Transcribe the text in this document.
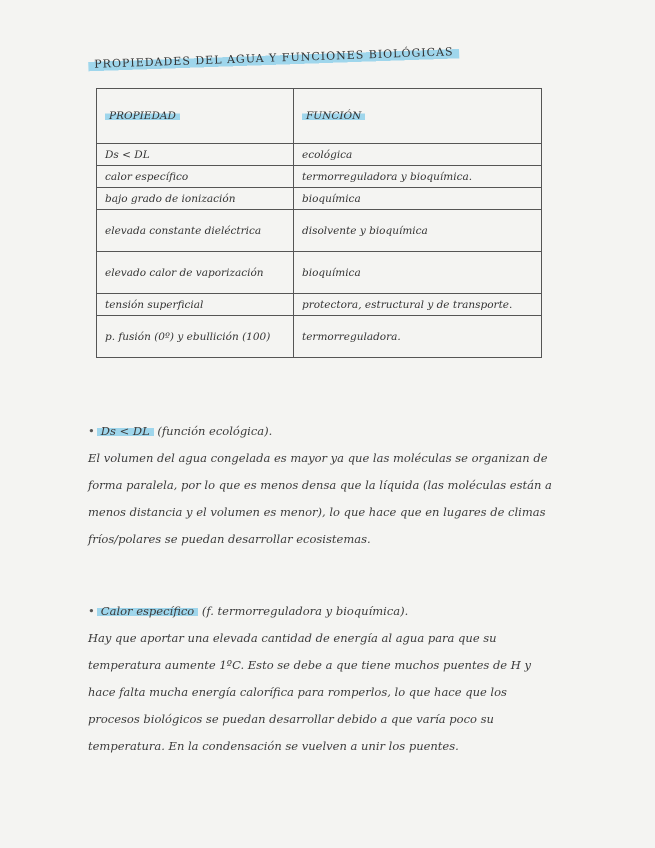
PROPIEDADES DEL AGUA Y FUNCIONES BIOLÓGICAS
PROPIEDAD	FUNCIÓN
Ds < DL	ecológica
calor específico	termorreguladora y bioquímica.
bajo grado de ionización	bioquímica
elevada constante dieléctrica	disolvente y bioquímica
elevado calor de vaporización	bioquímica
tensión superficial	protectora, estructural y de transporte.
p. fusión (0º) y ebullición (100)	termorreguladora.
• Ds < DL (función ecológica).
El volumen del agua congelada es mayor ya que las moléculas se organizan de forma paralela, por lo que es menos densa que la líquida (las moléculas están a menos distancia y el volumen es menor), lo que hace que en lugares de climas fríos/polares se puedan desarrollar ecosistemas.
• Calor específico (f. termorreguladora y bioquímica).
Hay que aportar una elevada cantidad de energía al agua para que su temperatura aumente 1ºC. Esto se debe a que tiene muchos puentes de H y hace falta mucha energía calorífica para romperlos, lo que hace que los procesos biológicos se puedan desarrollar debido a que varía poco su temperatura. En la condensación se vuelven a unir los puentes.
